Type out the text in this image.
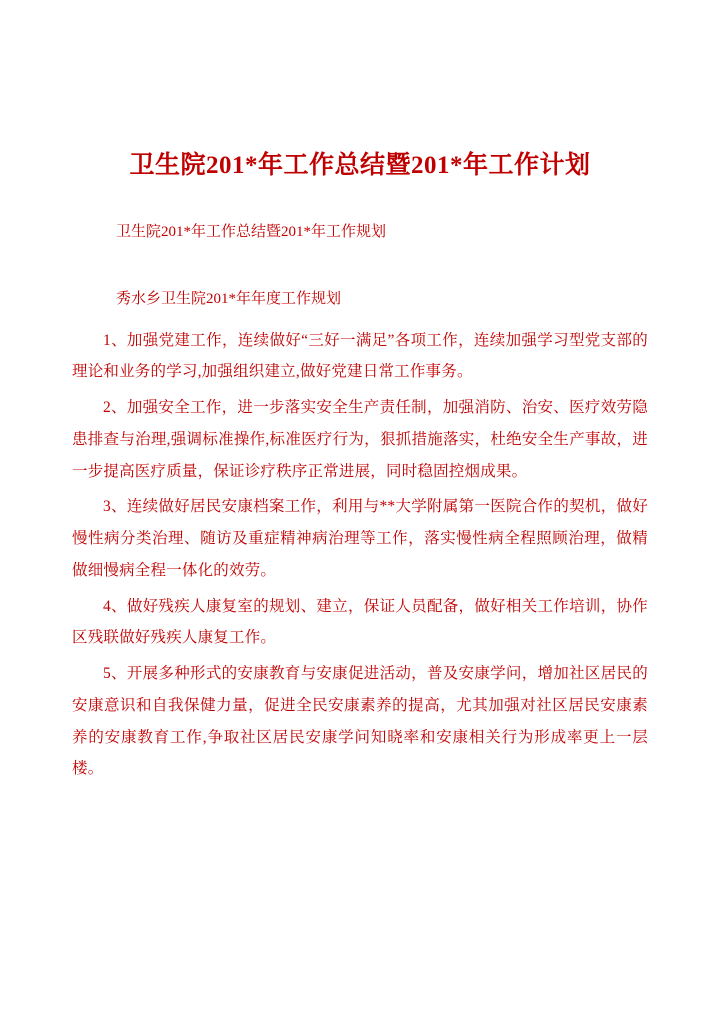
卫生院201*年工作总结暨201*年工作计划

卫生院201*年工作总结暨201*年工作规划

秀水乡卫生院201*年年度工作规划

1、加强党建工作，连续做好“三好一满足”各项工作，连续加强学习型党支部的理论和业务的学习,加强组织建立,做好党建日常工作事务。

2、加强安全工作，进一步落实安全生产责任制，加强消防、治安、医疗效劳隐患排查与治理,强调标准操作,标准医疗行为，狠抓措施落实，杜绝安全生产事故，进一步提高医疗质量，保证诊疗秩序正常进展，同时稳固控烟成果。

3、连续做好居民安康档案工作，利用与**大学附属第一医院合作的契机，做好慢性病分类治理、随访及重症精神病治理等工作，落实慢性病全程照顾治理，做精做细慢病全程一体化的效劳。

4、做好残疾人康复室的规划、建立，保证人员配备，做好相关工作培训，协作区残联做好残疾人康复工作。

5、开展多种形式的安康教育与安康促进活动，普及安康学问，增加社区居民的安康意识和自我保健力量，促进全民安康素养的提高，尤其加强对社区居民安康素养的安康教育工作,争取社区居民安康学问知晓率和安康相关行为形成率更上一层楼。
